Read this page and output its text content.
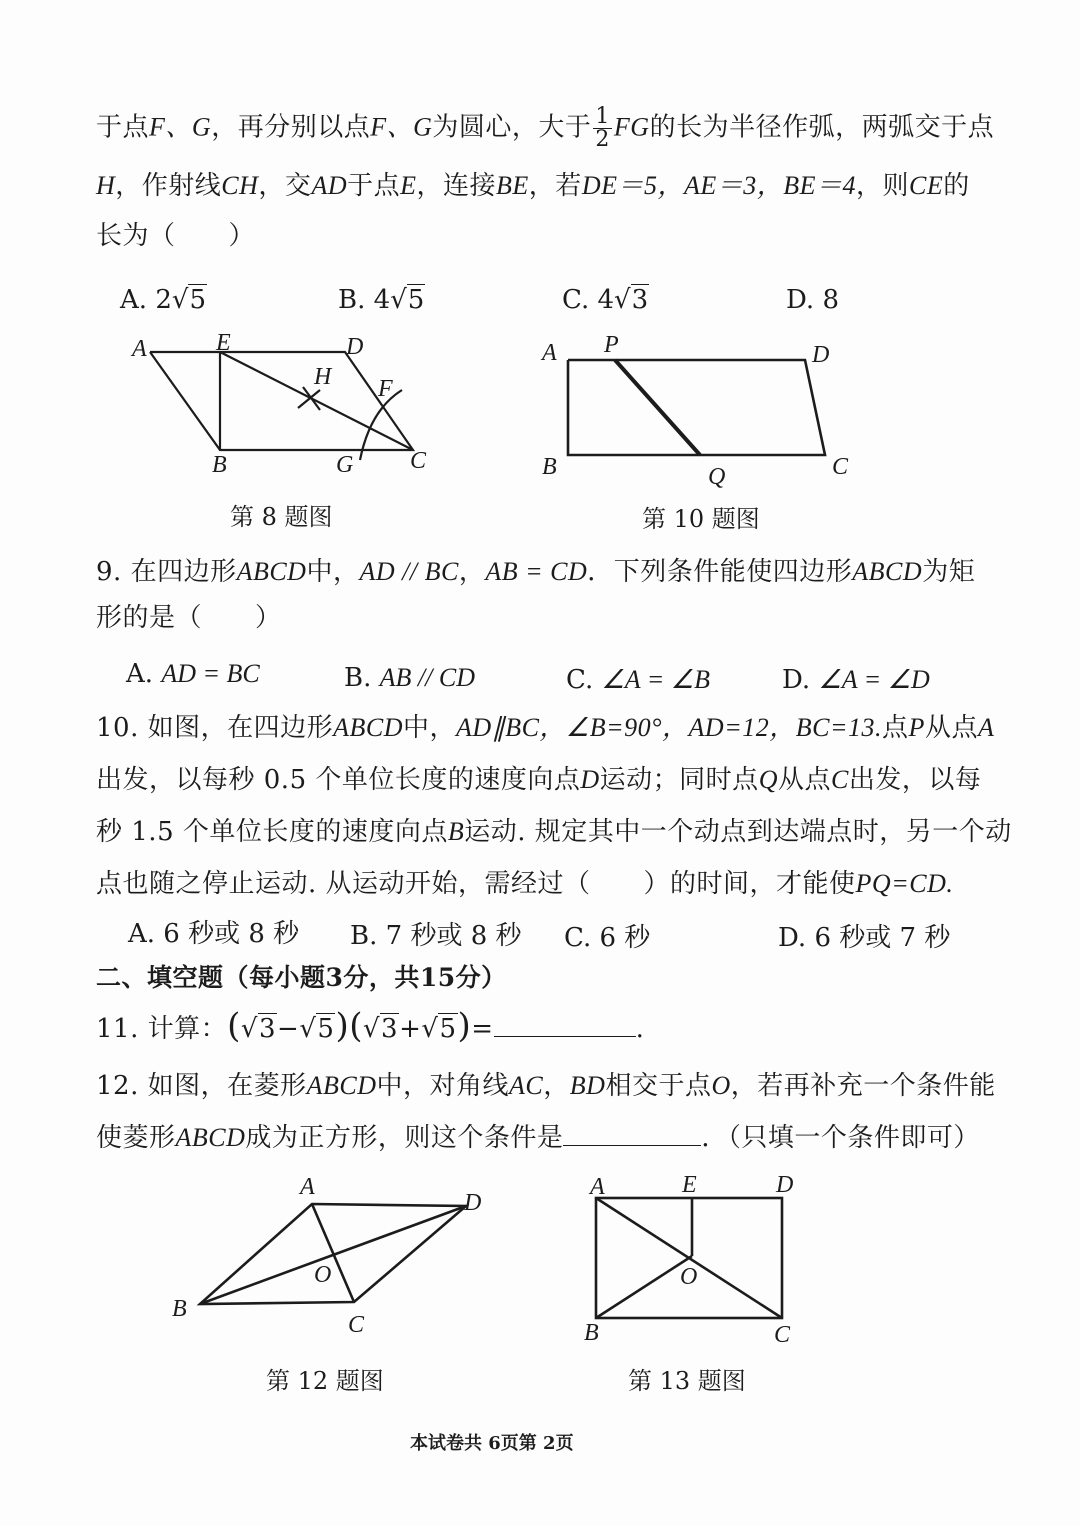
于点F、G，再分别以点F、G为圆心，大于 $\frac{1}{2}$ FG的长为半径作弧，两弧交于点
H，作射线CH，交AD于点E，连接BE，若DE＝5，AE＝3，BE＝4，则CE的
长为（　　）
A. 2√5	B. 4√5	C. 4√3	D. 8
A	E	D
H F
B	G C
第 8 题图
A P	D
B	Q	C
第 10 题图
9. 在四边形ABCD中，AD // BC，AB = CD．下列条件能使四边形ABCD为矩
形的是（　　）
A. AD = BC	B. AB // CD	C. ∠A = ∠B	D. ∠A = ∠D
10. 如图，在四边形ABCD中，AD∥BC，∠B=90°，AD=12，BC=13.点P从点A
出发，以每秒 0.5 个单位长度的速度向点D运动；同时点Q从点C出发，以每
秒 1.5 个单位长度的速度向点B运动. 规定其中一个动点到达端点时，另一个动
点也随之停止运动. 从运动开始，需经过（　　）的时间，才能使PQ=CD.
A. 6 秒或 8 秒 B. 7 秒或 8 秒 C. 6 秒	D. 6 秒或 7 秒
二、填空题（每小题3分，共15分）
11. 计算：(√3−√5)(√3+√5)=	.
12. 如图，在菱形ABCD中，对角线AC，BD相交于点O，若再补充一个条件能
使菱形ABCD成为正方形，则这个条件是	．（只填一个条件即可）
A
D
O
B
C
第 12 题图
A	E	D
O
B	C
第 13 题图
本试卷共 6页第 2页
